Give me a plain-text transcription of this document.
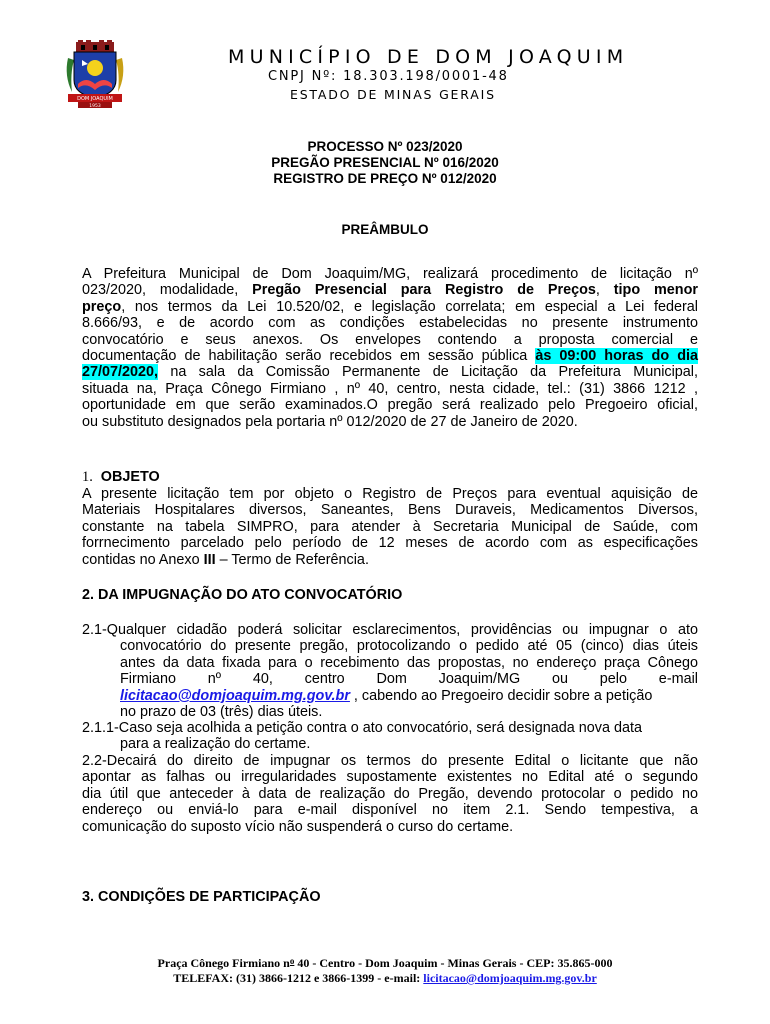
DOM JOAQUIM
1953
MUNICÍPIO DE DOM JOAQUIM
CNPJ Nº: 18.303.198/0001-48
ESTADO DE MINAS GERAIS
PROCESSO Nº 023/2020
PREGÃO PRESENCIAL Nº 016/2020
REGISTRO DE PREÇO Nº 012/2020
PREÂMBULO
A Prefeitura Municipal de Dom Joaquim/MG, realizará procedimento de licitação nº
023/2020, modalidade, Pregão Presencial para Registro de Preços, tipo menor
preço, nos termos da Lei 10.520/02, e legislação correlata; em especial a Lei federal
8.666/93, e de acordo com as condições estabelecidas no presente instrumento
convocatório e seus anexos. Os envelopes contendo a proposta comercial e
documentação de habilitação serão recebidos em sessão pública às 09:00 horas do dia
27/07/2020, na sala da Comissão Permanente de Licitação da Prefeitura Municipal,
situada na, Praça Cônego Firmiano , nº 40, centro, nesta cidade, tel.: (31) 3866 1212 ,
oportunidade em que serão examinados.O pregão será realizado pelo Pregoeiro oficial,
ou substituto designados pela portaria nº 012/2020 de 27 de Janeiro de 2020.
1. OBJETO
A presente licitação tem por objeto o Registro de Preços para eventual aquisição de
Materiais Hospitalares diversos, Saneantes, Bens Duraveis, Medicamentos Diversos,
constante na tabela SIMPRO, para atender à Secretaria Municipal de Saúde, com
forrnecimento parcelado pelo período de 12 meses de acordo com as especificações
contidas no Anexo III – Termo de Referência.
2. DA IMPUGNAÇÃO DO ATO CONVOCATÓRIO
2.1-Qualquer cidadão poderá solicitar esclarecimentos, providências ou impugnar o ato
convocatório do presente pregão, protocolizando o pedido até 05 (cinco) dias úteis
antes da data fixada para o recebimento das propostas, no endereço praça Cônego
Firmiano nº 40, centro Dom Joaquim/MG ou pelo e-mail
licitacao@domjoaquim.mg.gov.br , cabendo ao Pregoeiro decidir sobre a petição
no prazo de 03 (três) dias úteis.
2.1.1-Caso seja acolhida a petição contra o ato convocatório, será designada nova data
para a realização do certame.
2.2-Decairá do direito de impugnar os termos do presente Edital o licitante que não
apontar as falhas ou irregularidades supostamente existentes no Edital até o segundo
dia útil que anteceder à data de realização do Pregão, devendo protocolar o pedido no
endereço ou enviá-lo para e-mail disponível no item 2.1. Sendo tempestiva, a
comunicação do suposto vício não suspenderá o curso do certame.
3. CONDIÇÕES DE PARTICIPAÇÃO
Praça Cônego Firmiano $n^o$ 40 - Centro - Dom Joaquim - Minas Gerais - CEP: 35.865-000
TELEFAX: (31) 3866-1212 e 3866-1399 - e-mail: licitacao@domjoaquim.mg.gov.br
